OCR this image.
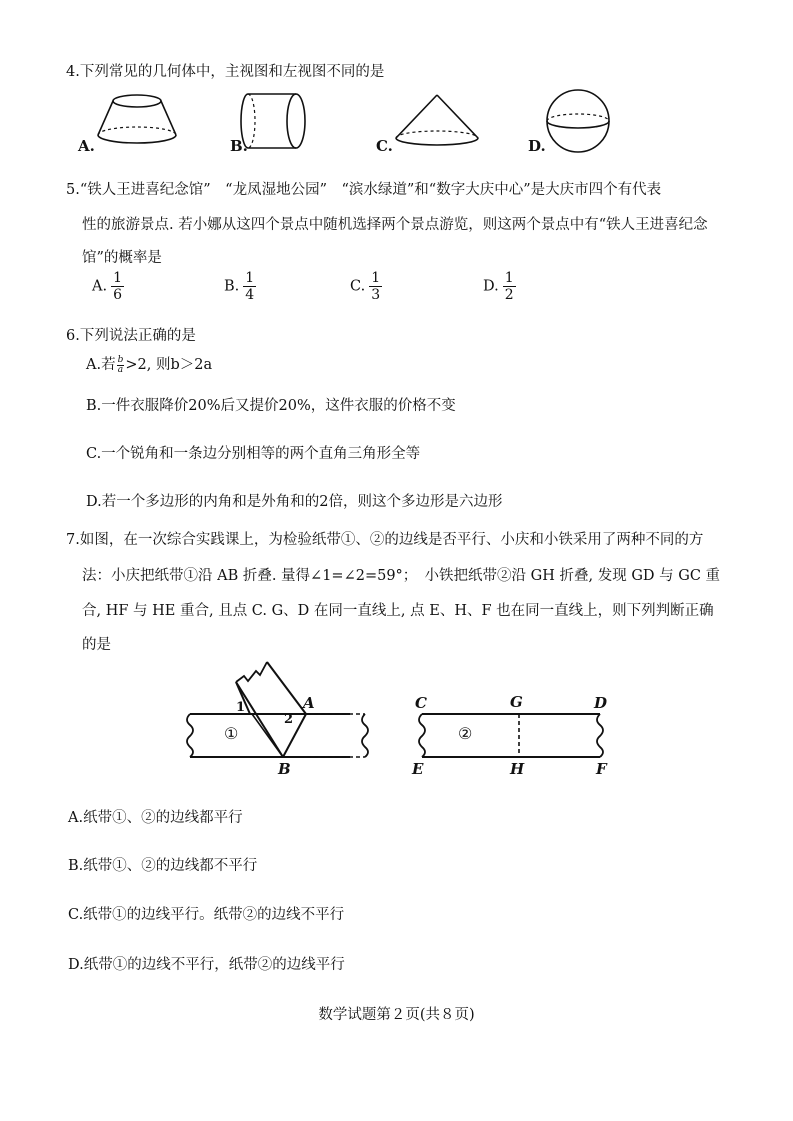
4.下列常见的几何体中，主视图和左视图不同的是
A.	B.	C.	D.
5.“铁人王进喜纪念馆”　“龙凤湿地公园”　“滨水绿道”和“数字大庆中心”是大庆市四个有代表
性的旅游景点. 若小娜从这四个景点中随机选择两个景点游览，则这两个景点中有“铁人王进喜纪念
馆”的概率是
A. $\frac{1}{6}$	B. $\frac{1}{4}$	C. $\frac{1}{3}$	D. $\frac{1}{2}$
6.下列说法正确的是
A.若 $\frac{b}{a} >2$, 则b＞2a
B.一件衣服降价20%后又提价20%，这件衣服的价格不变
C.一个锐角和一条边分别相等的两个直角三角形全等
D.若一个多边形的内角和是外角和的2倍，则这个多边形是六边形
7.如图，在一次综合实践课上，为检验纸带①、②的边线是否平行、小庆和小铁采用了两种不同的方
法：小庆把纸带①沿 AB 折叠. 量得∠1=∠2=59°；　小铁把纸带②沿 GH 折叠, 发现 GD 与 GC 重
合, HF 与 HE 重合, 且点 C. G、D 在同一直线上, 点 E、H、F 也在同一直线上，则下列判断正确
的是
①
1
2
A
B
②
C	G	D
E	H	F
A.纸带①、②的边线都平行
B.纸带①、②的边线都不平行
C.纸带①的边线平行。纸带②的边线不平行
D.纸带①的边线不平行，纸带②的边线平行
数学试题第２页(共８页)
